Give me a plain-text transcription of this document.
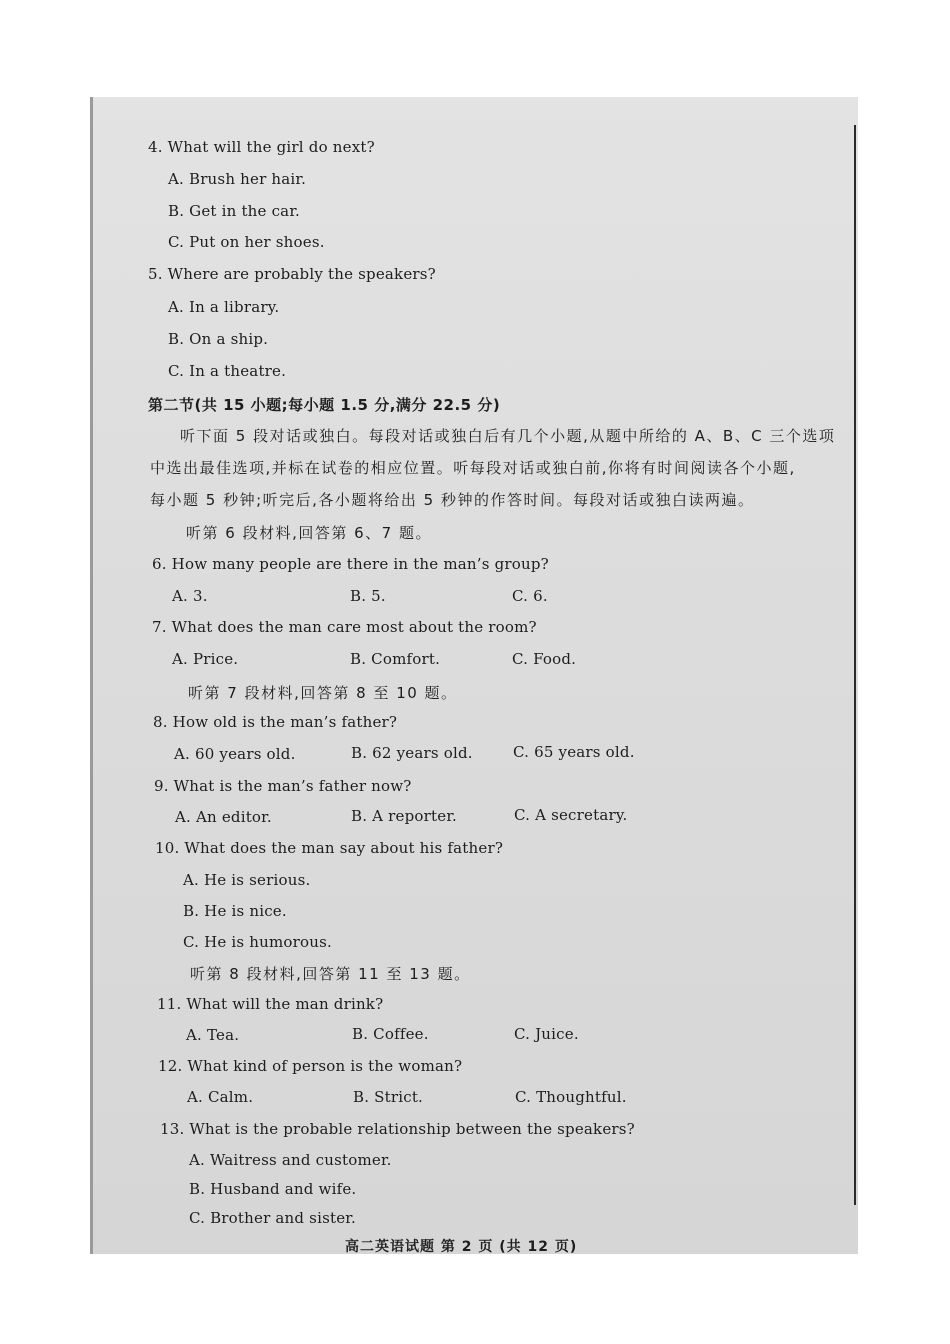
4. What will the girl do next?
A. Brush her hair.
B. Get in the car.
C. Put on her shoes.
5. Where are probably the speakers?
A. In a library.
B. On a ship.
C. In a theatre.
第二节(共 15 小题;每小题 1.5 分,满分 22.5 分)
听下面 5 段对话或独白。每段对话或独白后有几个小题,从题中所给的 A、B、C 三个选项
中选出最佳选项,并标在试卷的相应位置。听每段对话或独白前,你将有时间阅读各个小题,
每小题 5 秒钟;听完后,各小题将给出 5 秒钟的作答时间。每段对话或独白读两遍。
听第 6 段材料,回答第 6、7 题。
6. How many people are there in the man’s group?
A. 3.	B. 5.	C. 6.
7. What does the man care most about the room?
A. Price.	B. Comfort.	C. Food.
听第 7 段材料,回答第 8 至 10 题。
8. How old is the man’s father?
A. 60 years old.	B. 62 years old.	C. 65 years old.
9. What is the man’s father now?
A. An editor.	B. A reporter.	C. A secretary.
10. What does the man say about his father?
A. He is serious.
B. He is nice.
C. He is humorous.
听第 8 段材料,回答第 11 至 13 题。
11. What will the man drink?
A. Tea.	B. Coffee.	C. Juice.
12. What kind of person is the woman?
A. Calm.	B. Strict.	C. Thoughtful.
13. What is the probable relationship between the speakers?
A. Waitress and customer.
B. Husband and wife.
C. Brother and sister.
高二英语试题 第 2 页 (共 12 页)
